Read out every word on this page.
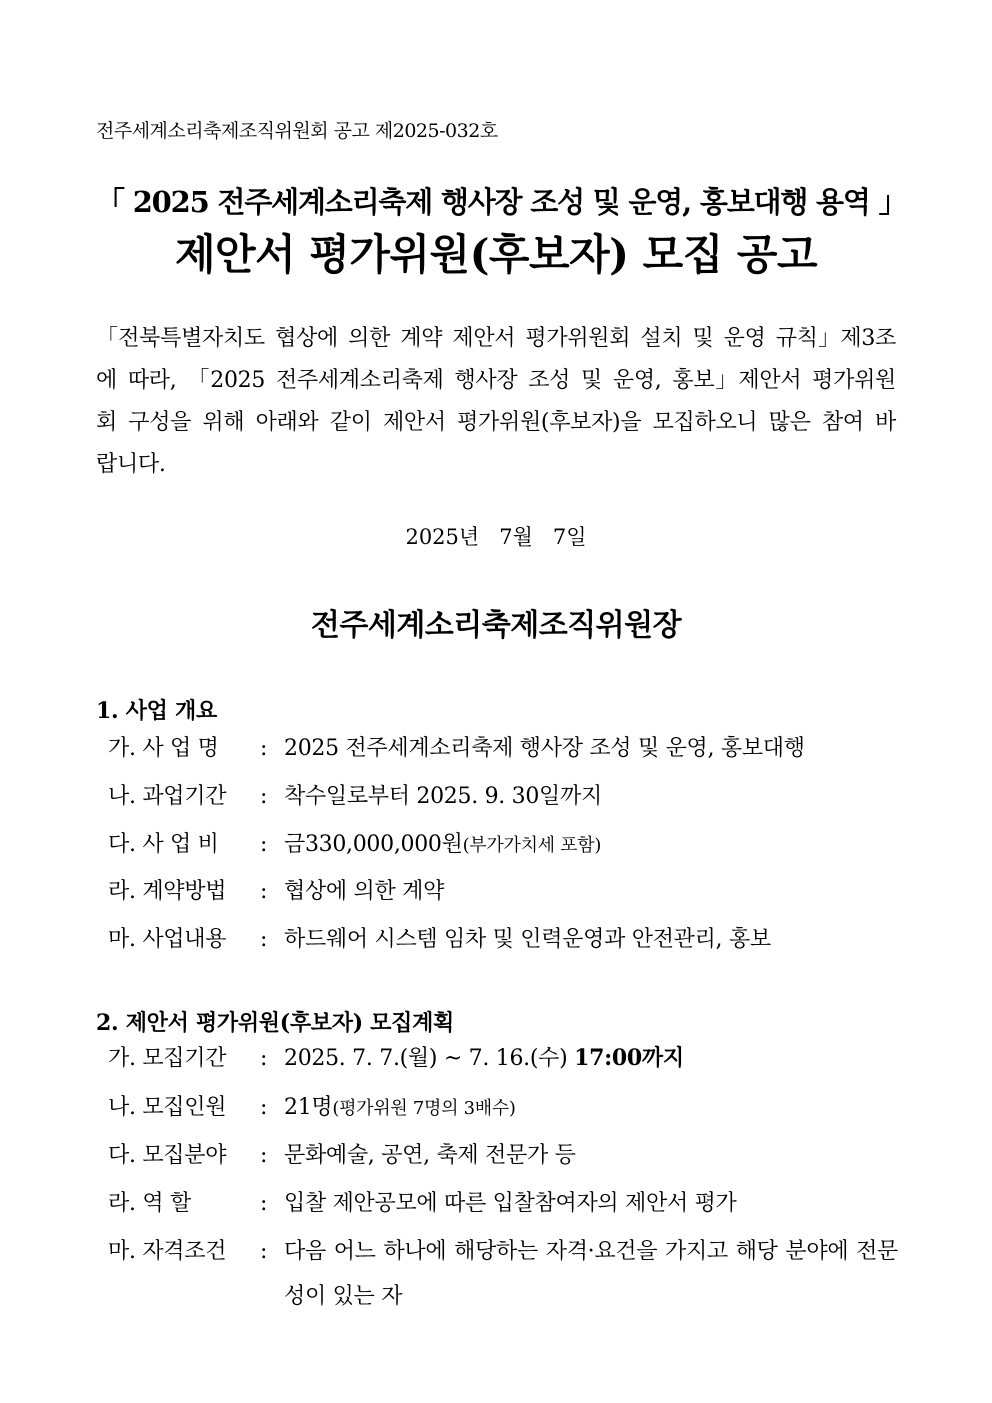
전주세계소리축제조직위원회 공고 제2025-032호
「 2025 전주세계소리축제 행사장 조성 및 운영, 홍보대행 용역 」
제안서 평가위원(후보자) 모집 공고
「전북특별자치도 협상에 의한 계약 제안서 평가위원회 설치 및 운영 규칙」제3조에 따라, 「2025 전주세계소리축제 행사장 조성 및 운영, 홍보」제안서 평가위원회 구성을 위해 아래와 같이 제안서 평가위원(후보자)을 모집하오니 많은 참여 바랍니다.
2025년   7월   7일
전주세계소리축제조직위원장
1. 사업 개요
가. 사 업 명 : 2025 전주세계소리축제 행사장 조성 및 운영, 홍보대행
나. 과업기간 : 착수일로부터 2025. 9. 30일까지
다. 사 업 비 : 금330,000,000원(부가가치세 포함)
라. 계약방법 : 협상에 의한 계약
마. 사업내용 : 하드웨어 시스템 임차 및 인력운영과 안전관리, 홍보
2. 제안서 평가위원(후보자) 모집계획
가. 모집기간 : 2025. 7. 7.(월) ~ 7. 16.(수) 17:00까지
나. 모집인원 : 21명(평가위원 7명의 3배수)
다. 모집분야 : 문화예술, 공연, 축제 전문가 등
라. 역 할	: 입찰 제안공모에 따른 입찰참여자의 제안서 평가
마. 자격조건 : 다음 어느 하나에 해당하는 자격·요건을 가지고 해당 분야에 전문성이 있는 자
